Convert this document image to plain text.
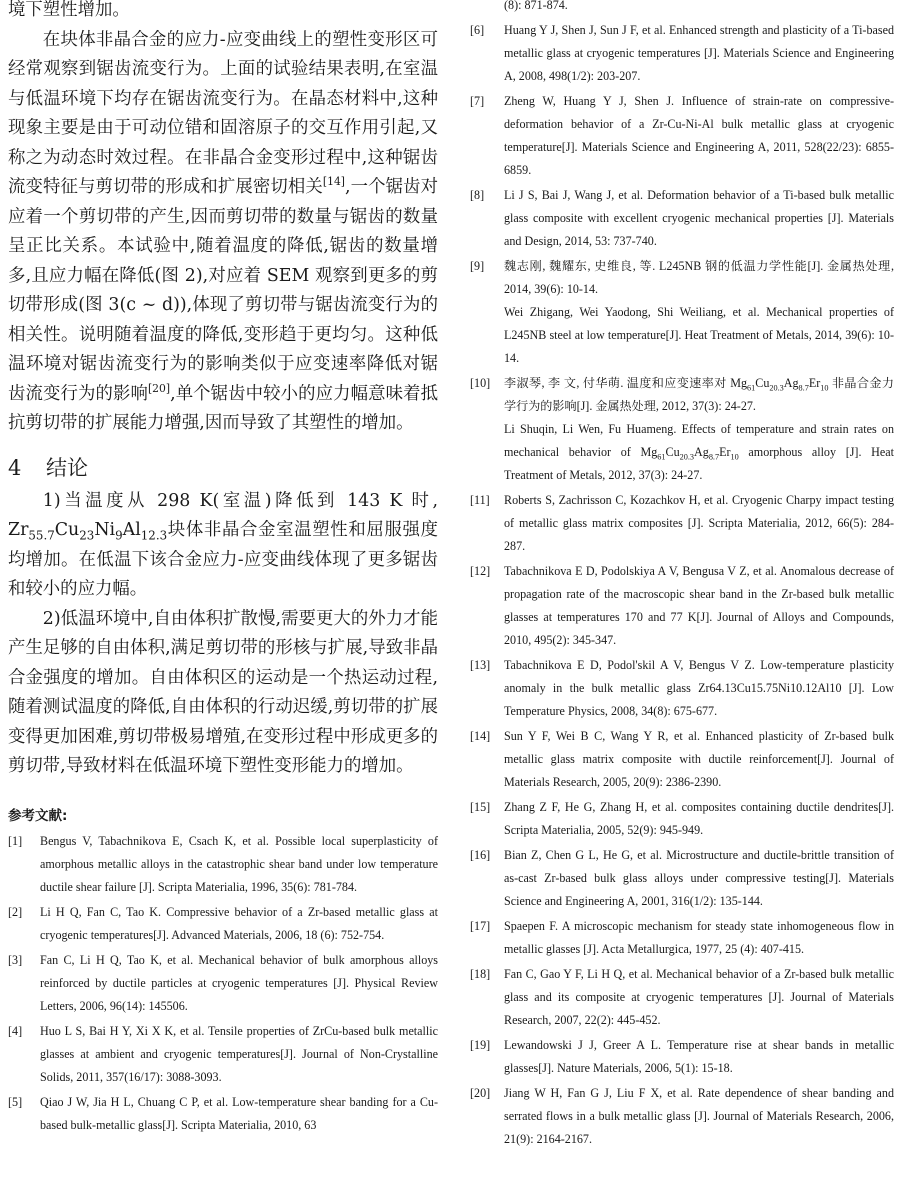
境下塑性增加。

在块体非晶合金的应力-应变曲线上的塑性变形区可经常观察到锯齿流变行为。上面的试验结果表明,在室温与低温环境下均存在锯齿流变行为。在晶态材料中,这种现象主要是由于可动位错和固溶原子的交互作用引起,又称之为动态时效过程。在非晶合金变形过程中,这种锯齿流变特征与剪切带的形成和扩展密切相关[14],一个锯齿对应着一个剪切带的产生,因而剪切带的数量与锯齿的数量呈正比关系。本试验中,随着温度的降低,锯齿的数量增多,且应力幅在降低(图 2),对应着 SEM 观察到更多的剪切带形成(图 3(c ~ d)),体现了剪切带与锯齿流变行为的相关性。说明随着温度的降低,变形趋于更均匀。这种低温环境对锯齿流变行为的影响类似于应变速率降低对锯齿流变行为的影响[20],单个锯齿中较小的应力幅意味着抵抗剪切带的扩展能力增强,因而导致了其塑性的增加。

4 结论

1)当温度从 298 K(室温)降低到 143 K 时, $Zr_{55.7}Cu_{23}Ni_9Al_{12.3}$块体非晶合金室温塑性和屈服强度均增加。在低温下该合金应力-应变曲线体现了更多锯齿和较小的应力幅。

2)低温环境中,自由体积扩散慢,需要更大的外力才能产生足够的自由体积,满足剪切带的形核与扩展,导致非晶合金强度的增加。自由体积区的运动是一个热运动过程,随着测试温度的降低,自由体积的行动迟缓,剪切带的扩展变得更加困难,剪切带极易增殖,在变形过程中形成更多的剪切带,导致材料在低温环境下塑性变形能力的增加。

参考文献:
[1]	Bengus V, Tabachnikova E, Csach K, et al. Possible local superplasticity of amorphous metallic alloys in the catastrophic shear band under low temperature ductile shear failure [J]. Scripta Materialia, 1996, 35(6): 781-784.
[2]	Li H Q, Fan C, Tao K. Compressive behavior of a Zr-based metallic glass at cryogenic temperatures[J]. Advanced Materials, 2006, 18 (6): 752-754.
[3]	Fan C, Li H Q, Tao K, et al. Mechanical behavior of bulk amorphous alloys reinforced by ductile particles at cryogenic temperatures [J]. Physical Review Letters, 2006, 96(14): 145506.
[4]	Huo L S, Bai H Y, Xi X K, et al. Tensile properties of ZrCu-based bulk metallic glasses at ambient and cryogenic temperatures[J]. Journal of Non-Crystalline Solids, 2011, 357(16/17): 3088-3093.
[5]	Qiao J W, Jia H L, Chuang C P, et al. Low-temperature shear banding for a Cu-based bulk-metallic glass[J]. Scripta Materialia, 2010, 63
(8): 871-874.
[6]	Huang Y J, Shen J, Sun J F, et al. Enhanced strength and plasticity of a Ti-based metallic glass at cryogenic temperatures [J]. Materials Science and Engineering A, 2008, 498(1/2): 203-207.
[7]	Zheng W, Huang Y J, Shen J. Influence of strain-rate on compressive-deformation behavior of a Zr-Cu-Ni-Al bulk metallic glass at cryogenic temperature[J]. Materials Science and Engineering A, 2011, 528(22/23): 6855-6859.
[8]	Li J S, Bai J, Wang J, et al. Deformation behavior of a Ti-based bulk metallic glass composite with excellent cryogenic mechanical properties [J]. Materials and Design, 2014, 53: 737-740.
[9]	魏志刚, 魏耀东, 史维良, 等. L245NB 钢的低温力学性能[J]. 金属热处理, 2014, 39(6): 10-14.
Wei Zhigang, Wei Yaodong, Shi Weiliang, et al. Mechanical properties of L245NB steel at low temperature[J]. Heat Treatment of Metals, 2014, 39(6): 10-14.
[10]	李淑琴, 李 文, 付华萌. 温度和应变速率对 $Mg_{61}Cu_{20.3}Ag_{8.7}Er_{10}$ 非晶合金力学行为的影响[J]. 金属热处理, 2012, 37(3): 24-27.
Li Shuqin, Li Wen, Fu Huameng. Effects of temperature and strain rates on mechanical behavior of $Mg_{61}Cu_{20.3}Ag_{8.7}Er_{10}$ amorphous alloy [J]. Heat Treatment of Metals, 2012, 37(3): 24-27.
[11]	Roberts S, Zachrisson C, Kozachkov H, et al. Cryogenic Charpy impact testing of metallic glass matrix composites [J]. Scripta Materialia, 2012, 66(5): 284-287.
[12]	Tabachnikova E D, Podolskiya A V, Bengusa V Z, et al. Anomalous decrease of propagation rate of the macroscopic shear band in the Zr-based bulk metallic glasses at temperatures 170 and 77 K[J]. Journal of Alloys and Compounds, 2010, 495(2): 345-347.
[13]	Tabachnikova E D, Podol'skil A V, Bengus V Z. Low-temperature plasticity anomaly in the bulk metallic glass Zr64.13Cu15.75Ni10.12Al10 [J]. Low Temperature Physics, 2008, 34(8): 675-677.
[14]	Sun Y F, Wei B C, Wang Y R, et al. Enhanced plasticity of Zr-based bulk metallic glass matrix composite with ductile reinforcement[J]. Journal of Materials Research, 2005, 20(9): 2386-2390.
[15]	Zhang Z F, He G, Zhang H, et al. composites containing ductile dendrites[J]. Scripta Materialia, 2005, 52(9): 945-949.
[16]	Bian Z, Chen G L, He G, et al. Microstructure and ductile-brittle transition of as-cast Zr-based bulk glass alloys under compressive testing[J]. Materials Science and Engineering A, 2001, 316(1/2): 135-144.
[17]	Spaepen F. A microscopic mechanism for steady state inhomogeneous flow in metallic glasses [J]. Acta Metallurgica, 1977, 25 (4): 407-415.
[18]	Fan C, Gao Y F, Li H Q, et al. Mechanical behavior of a Zr-based bulk metallic glass and its composite at cryogenic temperatures [J]. Journal of Materials Research, 2007, 22(2): 445-452.
[19]	Lewandowski J J, Greer A L. Temperature rise at shear bands in metallic glasses[J]. Nature Materials, 2006, 5(1): 15-18.
[20]	Jiang W H, Fan G J, Liu F X, et al. Rate dependence of shear banding and serrated flows in a bulk metallic glass [J]. Journal of Materials Research, 2006, 21(9): 2164-2167.
